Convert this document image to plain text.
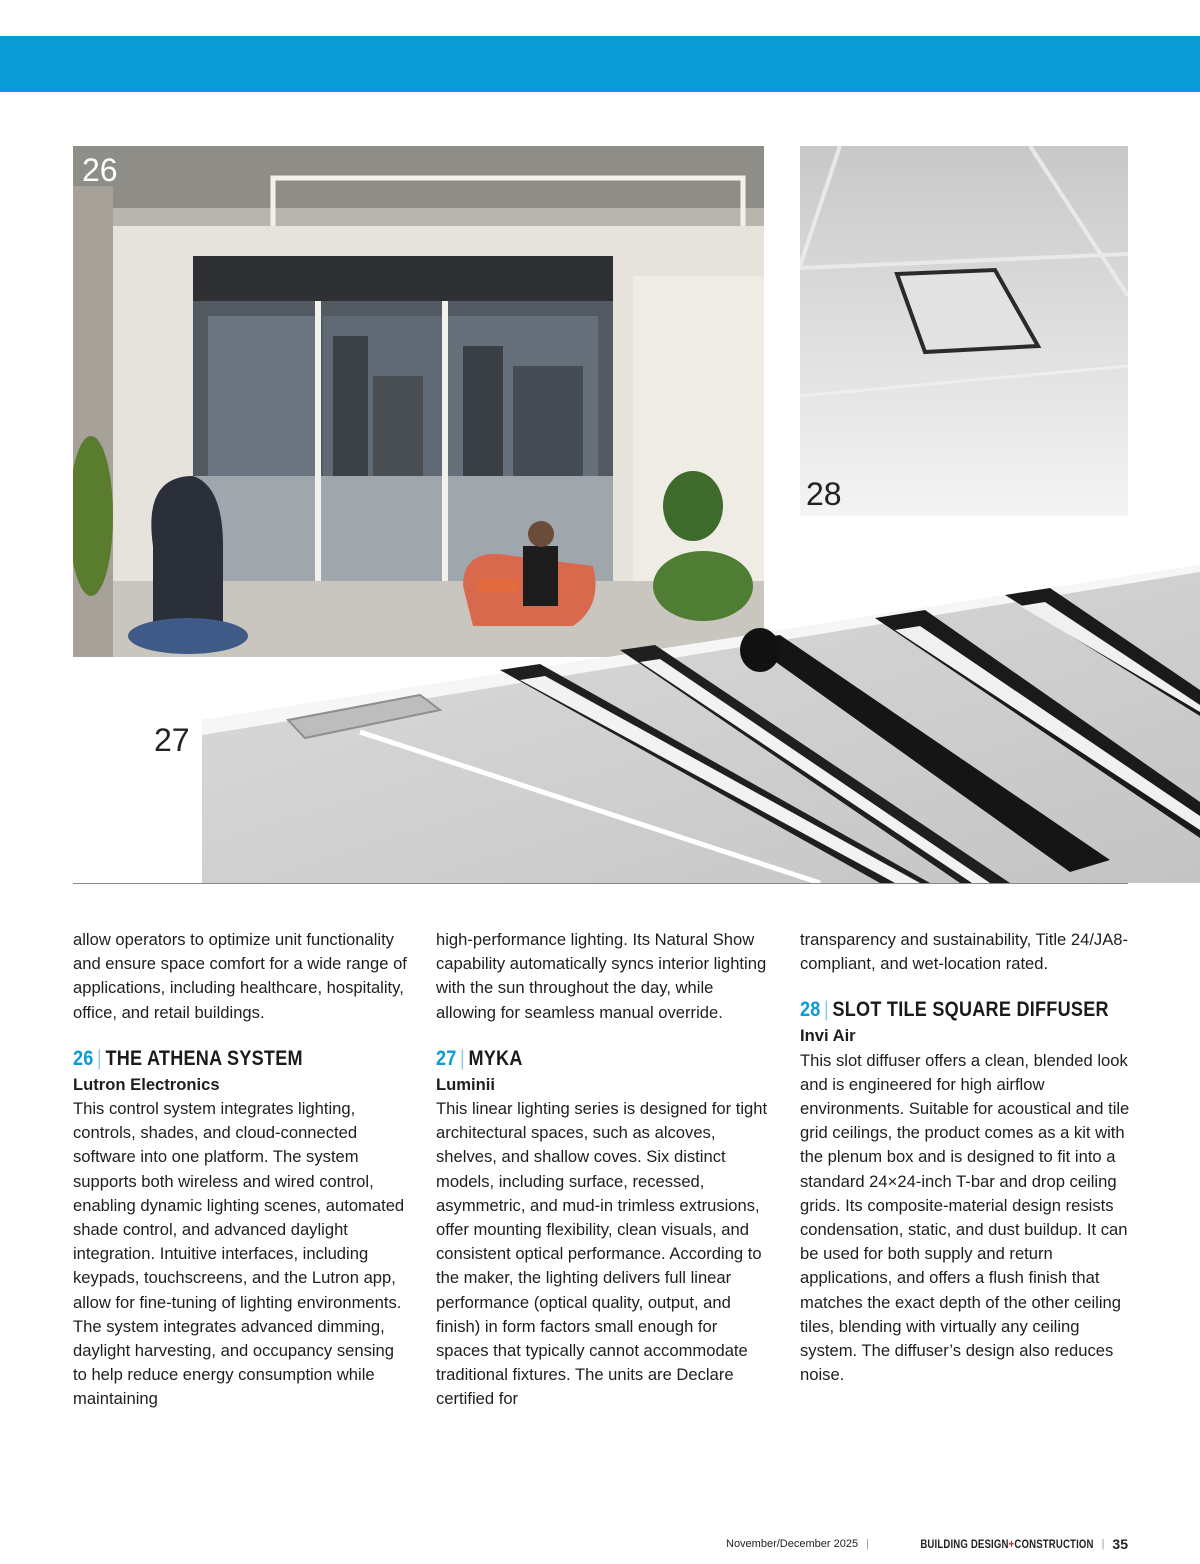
26
28
27

allow operators to optimize unit functionality and ensure space comfort for a wide range of applications, including healthcare, hospitality, office, and retail buildings.

26 | THE ATHENA SYSTEM

Lutron Electronics

This control system integrates lighting, controls, shades, and cloud-connected software into one platform. The system supports both wireless and wired control, enabling dynamic lighting scenes, automated shade control, and advanced daylight integration. Intuitive interfaces, including keypads, touchscreens, and the Lutron app, allow for fine-tuning of lighting environments. The system integrates advanced dimming, daylight harvesting, and occupancy sensing to help reduce energy consumption while maintaining

high-performance lighting. Its Natural Show capability automatically syncs interior lighting with the sun throughout the day, while allowing for seamless manual override.

27 | MYKA

Luminii

This linear lighting series is designed for tight architectural spaces, such as alcoves, shelves, and shallow coves. Six distinct models, including surface, recessed, asymmetric, and mud-in trimless extrusions, offer mounting flexibility, clean visuals, and consistent optical performance. According to the maker, the lighting delivers full linear performance (optical quality, output, and finish) in form factors small enough for spaces that typically cannot accommodate traditional fixtures. The units are Declare certified for

transparency and sustainability, Title 24/JA8-compliant, and wet-location rated.

28 | SLOT TILE SQUARE DIFFUSER

Invi Air

This slot diffuser offers a clean, blended look and is engineered for high airflow environments. Suitable for acoustical and tile grid ceilings, the product comes as a kit with the plenum box and is designed to fit into a standard 24×24-inch T-bar and drop ceiling grids. Its composite-material design resists condensation, static, and dust buildup. It can be used for both supply and return applications, and offers a flush finish that matches the exact depth of the other ceiling tiles, blending with virtually any ceiling system. The diffuser’s design also reduces noise.

November/December 2025 |	BUILDING DESIGN+CONSTRUCTION | 35
